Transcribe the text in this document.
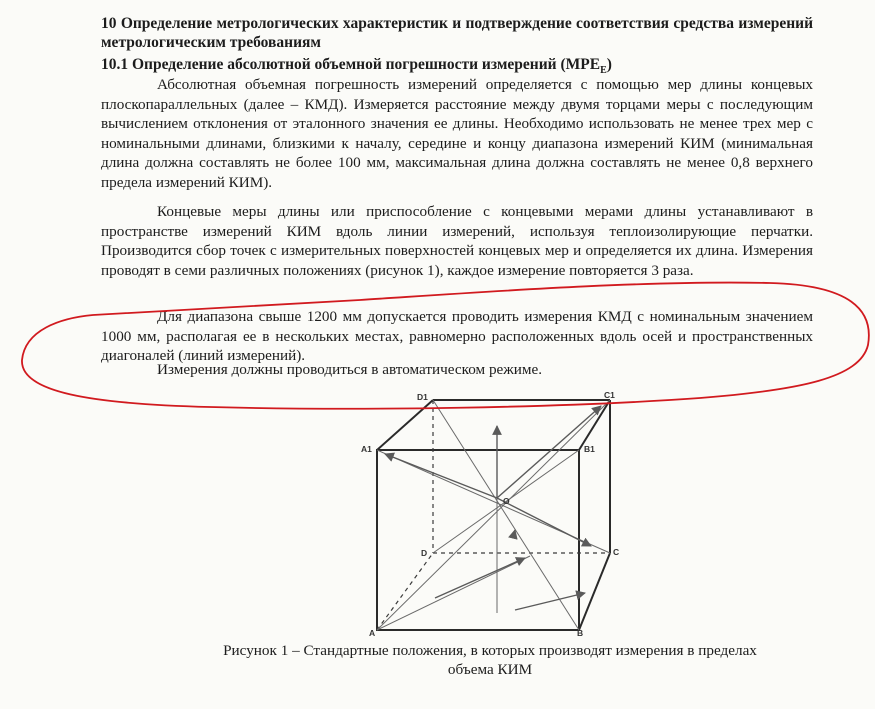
10 Определение метрологических характеристик и подтверждение соответствия средства измерений метрологическим требованиям

10.1 Определение абсолютной объемной погрешности измерений $(MPE_E)$

Абсолютная объемная погрешность измерений определяется с помощью мер длины концевых плоскопараллельных (далее – КМД). Измеряется расстояние между двумя торцами меры с последующим вычислением отклонения от эталонного значения ее длины. Необходимо использовать не менее трех мер с номинальными длинами, близкими к началу, середине и концу диапазона измерений КИМ (минимальная длина должна составлять не более 100 мм, максимальная длина должна составлять не менее 0,8 верхнего предела измерений КИМ).

Концевые меры длины или приспособление с концевыми мерами длины устанавливают в пространстве измерений КИМ вдоль линии измерений, используя теплоизолирующие перчатки. Производится сбор точек с измерительных поверхностей концевых мер и определяется их длина. Измерения проводят в семи различных положениях (рисунок 1), каждое измерение повторяется 3 раза.

Для диапазона свыше 1200 мм допускается проводить измерения КМД с номинальным значением 1000 мм, располагая ее в нескольких местах, равномерно расположенных вдоль осей и пространственных диагоналей (линий измерений).

Измерения должны проводиться в автоматическом режиме.

A	B
C
D
A1	B1
C1
D1
O
Рисунок 1 – Стандартные положения, в которых производят измерения в пределах
объема КИМ
